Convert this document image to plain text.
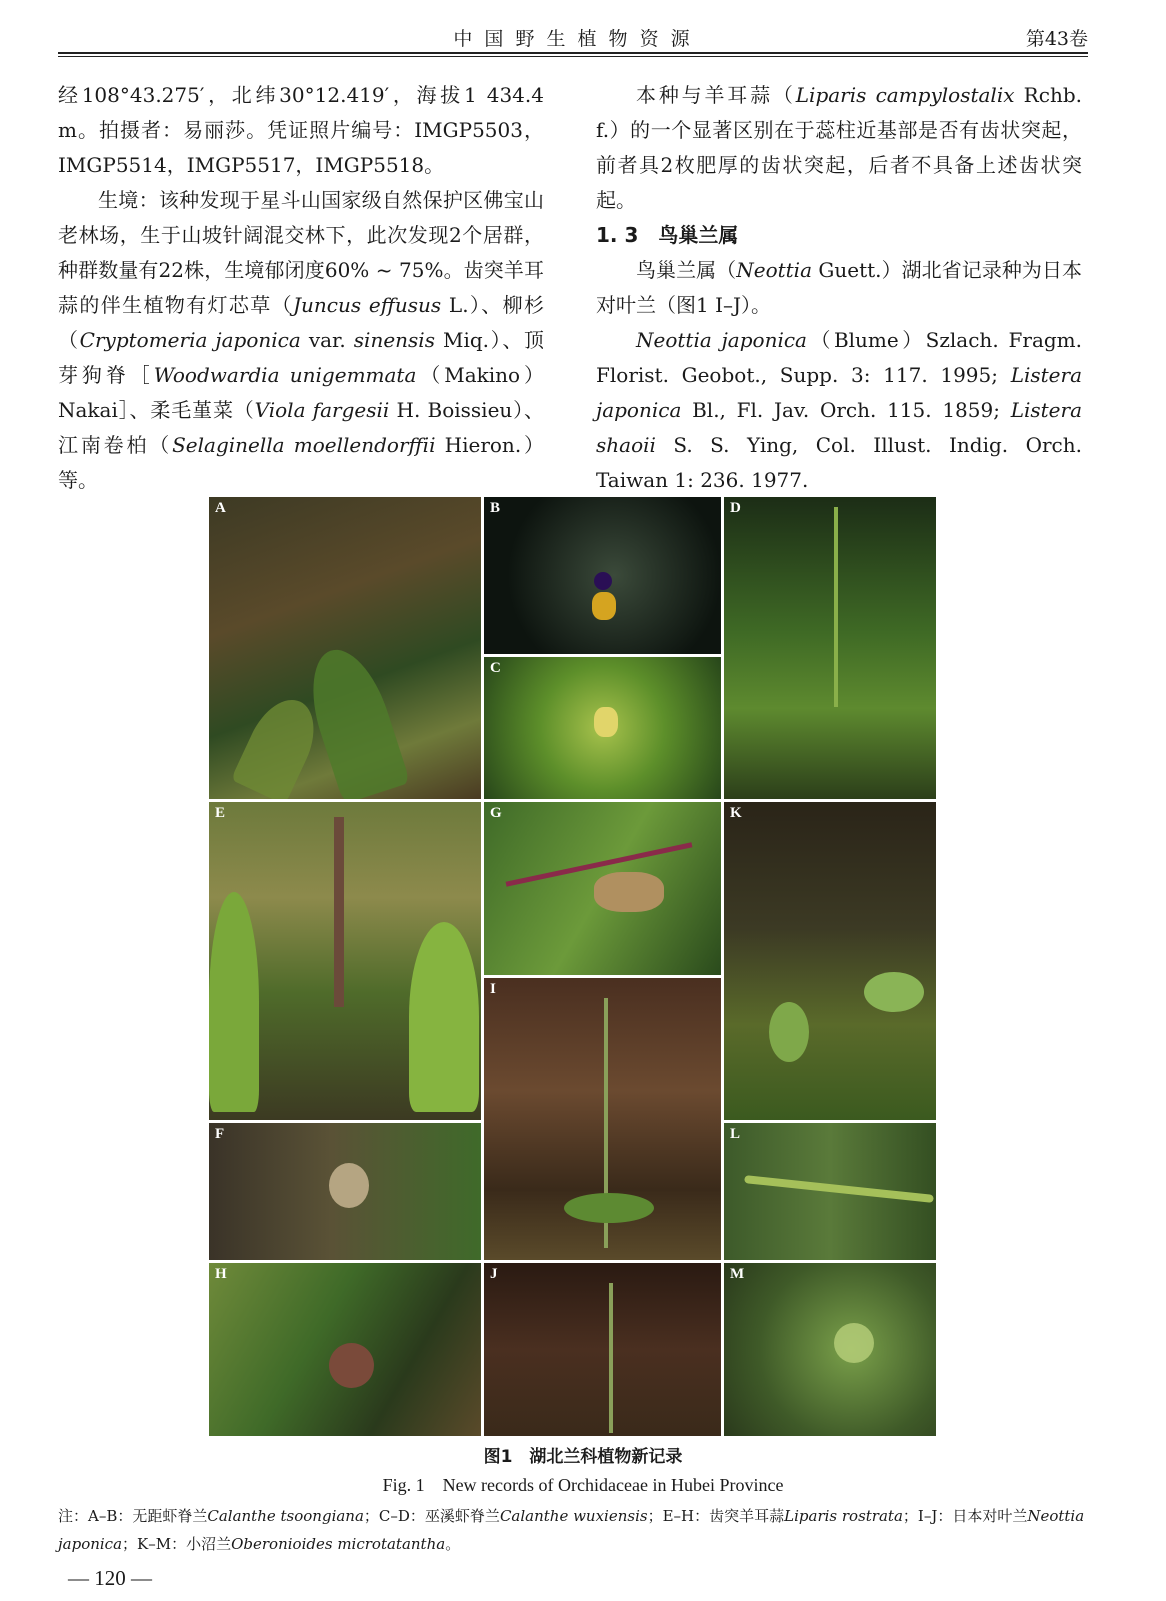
中 国 野 生 植 物 资 源	第43卷

经108°43.275′，北纬30°12.419′，海拔1 434.4 m。拍摄者：易丽莎。凭证照片编号：IMGP5503，IMGP5514，IMGP5517，IMGP5518。

生境：该种发现于星斗山国家级自然保护区佛宝山老林场，生于山坡针阔混交林下，此次发现2个居群，种群数量有22株，生境郁闭度60% ~ 75%。齿突羊耳蒜的伴生植物有灯芯草（Juncus effusus L.）、柳杉（Cryptomeria japonica var. sinensis Miq.）、顶芽狗脊［Woodwardia unigemmata（Makino）Nakai］、柔毛堇菜（Viola fargesii H. Boissieu）、江南卷柏（Selaginella moellendorffii Hieron.）等。

本种与羊耳蒜（Liparis campylostalix Rchb. f.）的一个显著区别在于蕊柱近基部是否有齿状突起，前者具2枚肥厚的齿状突起，后者不具备上述齿状突起。

1. 3　鸟巢兰属

鸟巢兰属（Neottia Guett.）湖北省记录种为日本对叶兰（图1 I–J）。

Neottia japonica（Blume）Szlach. Fragm. Florist. Geobot., Supp. 3: 117. 1995; Listera japonica Bl., Fl. Jav. Orch. 115. 1859; Listera shaoii S. S. Ying, Col. Illust. Indig. Orch. Taiwan 1: 236. 1977.

A	B
C
D
E	G	K
I
F	L
H	J	M
图1　湖北兰科植物新记录
Fig. 1　New records of Orchidaceae in Hubei Province
注：A–B：无距虾脊兰Calanthe tsoongiana；C–D：巫溪虾脊兰Calanthe wuxiensis；E–H：齿突羊耳蒜Liparis rostrata；I–J：日本对叶兰Neottia japonica；K–M：小沼兰Oberonioides microtatantha。
— 120 —
